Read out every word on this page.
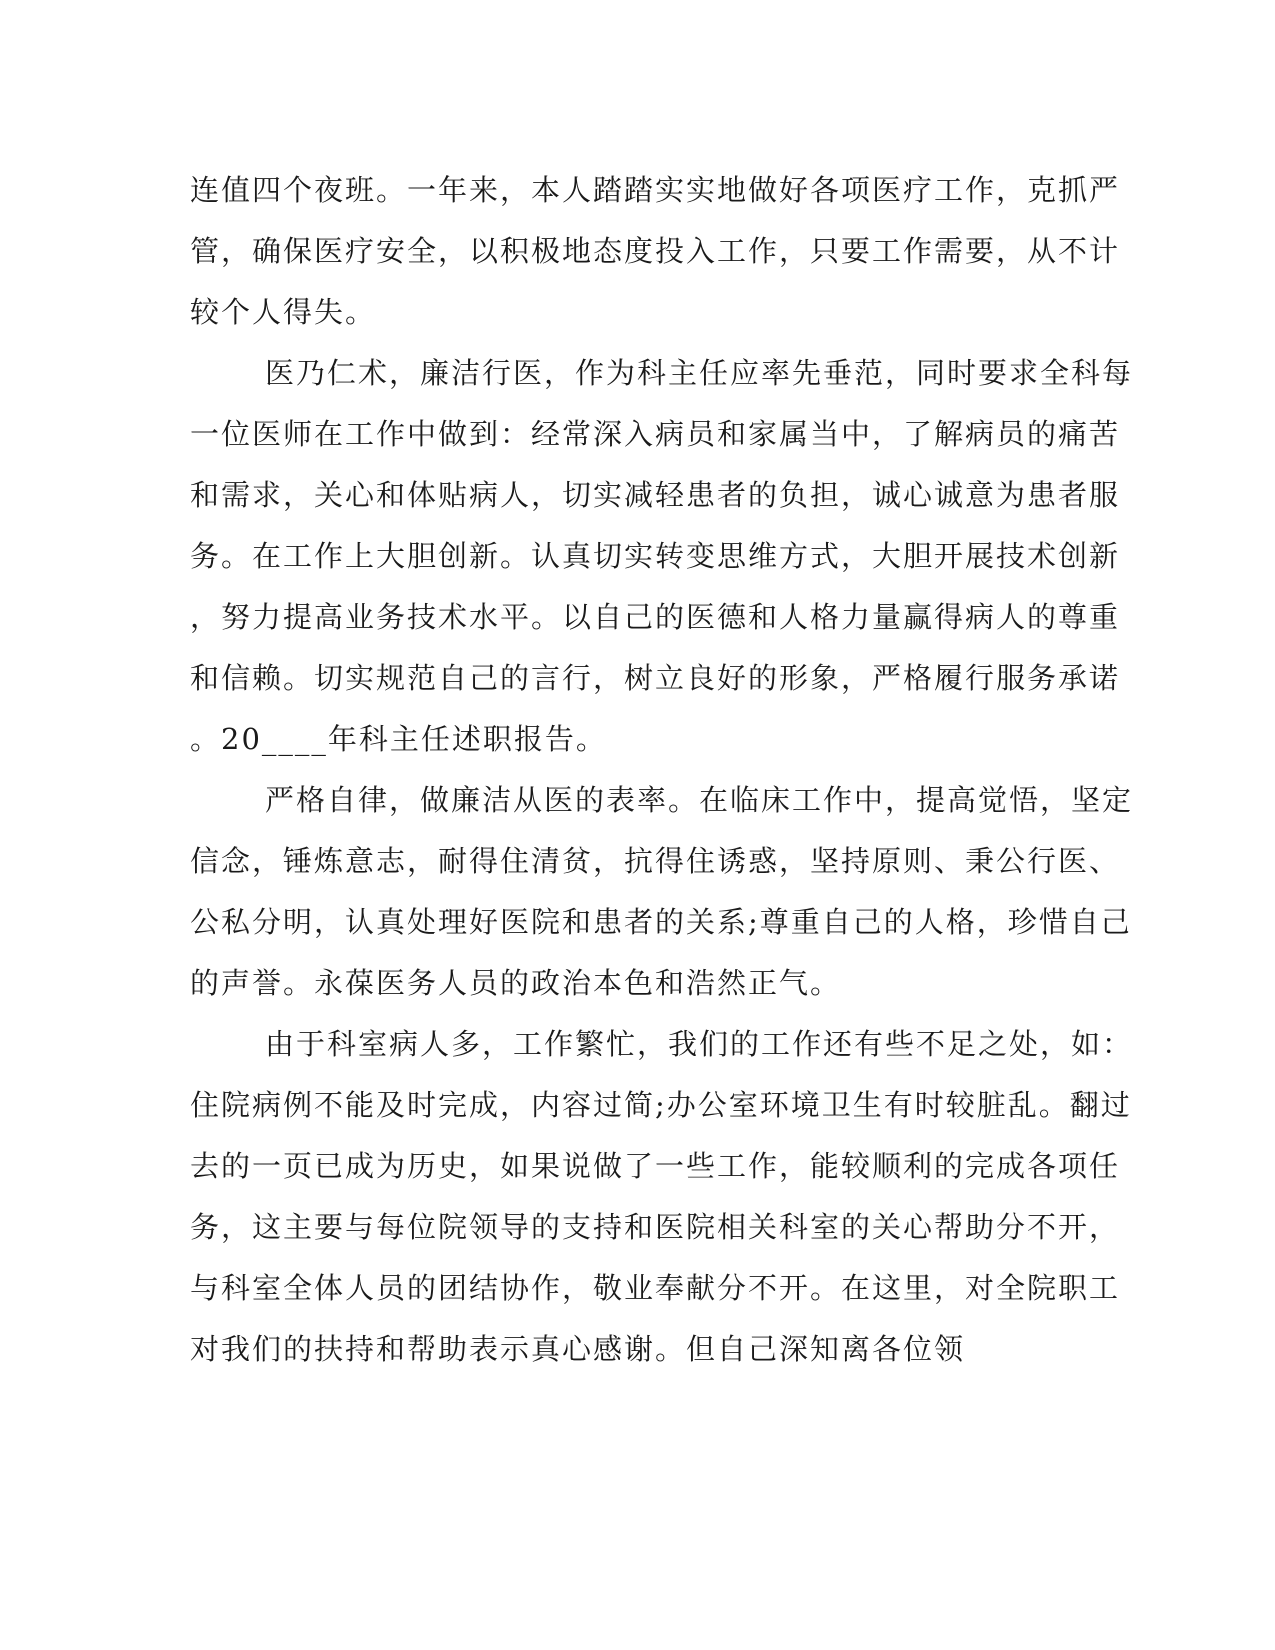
连值四个夜班。一年来，本人踏踏实实地做好各项医疗工作，克抓严
管，确保医疗安全，以积极地态度投入工作，只要工作需要，从不计
较个人得失。
医乃仁术，廉洁行医，作为科主任应率先垂范，同时要求全科每
一位医师在工作中做到：经常深入病员和家属当中，了解病员的痛苦
和需求，关心和体贴病人，切实减轻患者的负担，诚心诚意为患者服
务。在工作上大胆创新。认真切实转变思维方式，大胆开展技术创新
，努力提高业务技术水平。以自己的医德和人格力量赢得病人的尊重
和信赖。切实规范自己的言行，树立良好的形象，严格履行服务承诺
。20____年科主任述职报告。
严格自律，做廉洁从医的表率。在临床工作中，提高觉悟，坚定
信念，锤炼意志，耐得住清贫，抗得住诱惑，坚持原则、秉公行医、
公私分明，认真处理好医院和患者的关系;尊重自己的人格，珍惜自己
的声誉。永葆医务人员的政治本色和浩然正气。
由于科室病人多，工作繁忙，我们的工作还有些不足之处，如：
住院病例不能及时完成，内容过简;办公室环境卫生有时较脏乱。翻过
去的一页已成为历史，如果说做了一些工作，能较顺利的完成各项任
务，这主要与每位院领导的支持和医院相关科室的关心帮助分不开，
与科室全体人员的团结协作，敬业奉献分不开。在这里，对全院职工
对我们的扶持和帮助表示真心感谢。但自己深知离各位领
